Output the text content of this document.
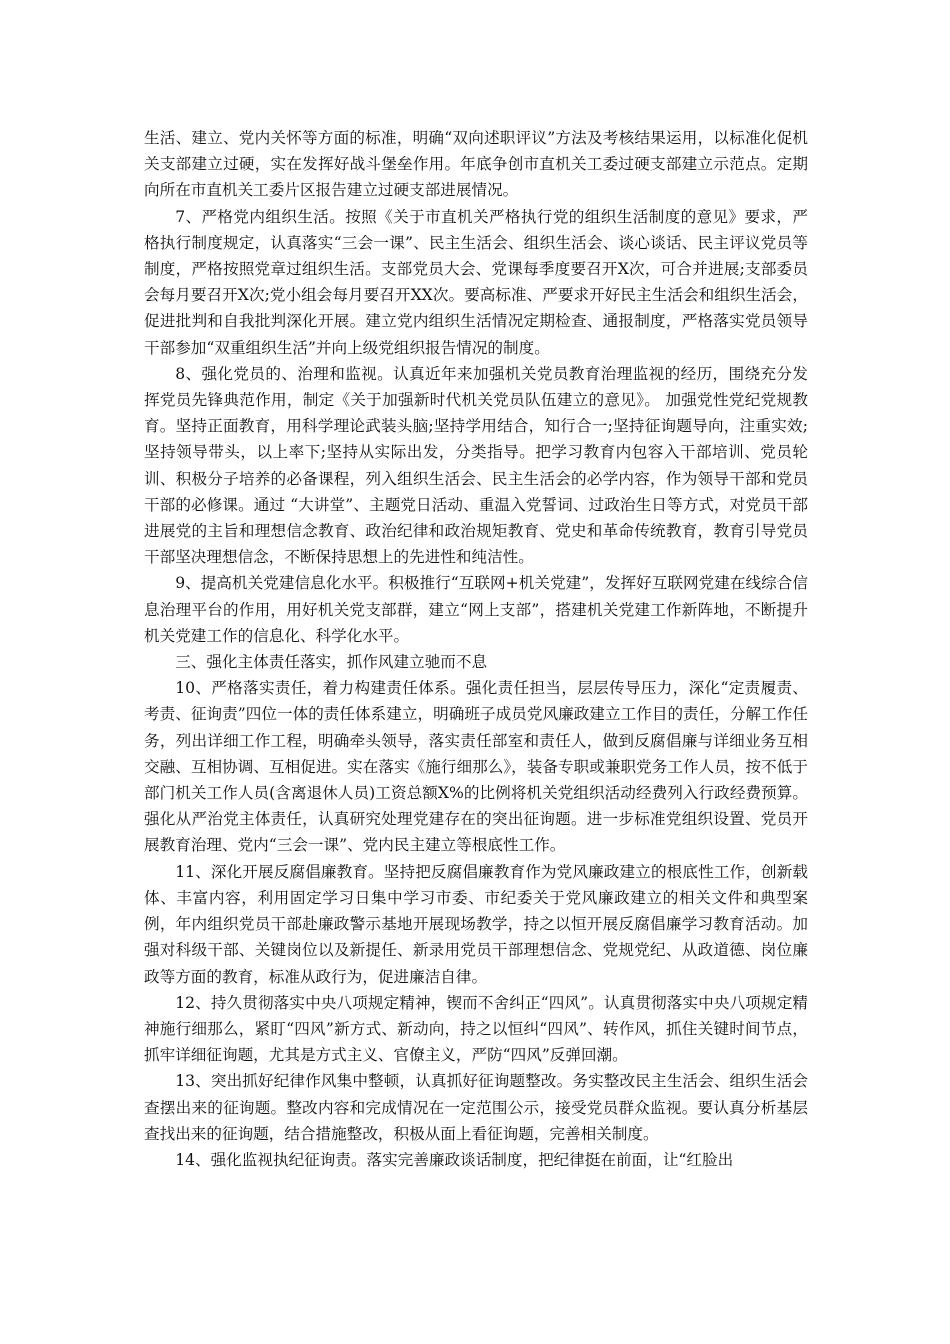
生活、建立、党内关怀等方面的标准，明确“双向述职评议”方法及考核结果运用，以标准化促机关支部建立过硬，实在发挥好战斗堡垒作用。年底争创市直机关工委过硬支部建立示范点。定期向所在市直机关工委片区报告建立过硬支部进展情况。

7、严格党内组织生活。按照《关于市直机关严格执行党的组织生活制度的意见》要求，严格执行制度规定，认真落实“三会一课”、民主生活会、组织生活会、谈心谈话、民主评议党员等制度，严格按照党章过组织生活。支部党员大会、党课每季度要召开X次，可合并进展;支部委员会每月要召开X次;党小组会每月要召开XX次。要高标准、严要求开好民主生活会和组织生活会，促进批判和自我批判深化开展。建立党内组织生活情况定期检查、通报制度，严格落实党员领导干部参加“双重组织生活”并向上级党组织报告情况的制度。

8、强化党员的、治理和监视。认真近年来加强机关党员教育治理监视的经历，围绕充分发挥党员先锋典范作用，制定《关于加强新时代机关党员队伍建立的意见》。 加强党性党纪党规教育。坚持正面教育，用科学理论武装头脑;坚持学用结合，知行合一;坚持征询题导向，注重实效;坚持领导带头，以上率下;坚持从实际出发，分类指导。把学习教育内包容入干部培训、党员轮训、积极分子培养的必备课程，列入组织生活会、民主生活会的必学内容，作为领导干部和党员干部的必修课。通过 “大讲堂”、主题党日活动、重温入党誓词、过政治生日等方式，对党员干部进展党的主旨和理想信念教育、政治纪律和政治规矩教育、党史和革命传统教育，教育引导党员干部坚决理想信念，不断保持思想上的先进性和纯洁性。

9、提高机关党建信息化水平。积极推行“互联网+机关党建”，发挥好互联网党建在线综合信息治理平台的作用，用好机关党支部群，建立“网上支部”，搭建机关党建工作新阵地，不断提升机关党建工作的信息化、科学化水平。

三、强化主体责任落实，抓作风建立驰而不息

10、严格落实责任，着力构建责任体系。强化责任担当，层层传导压力，深化“定责履责、考责、征询责”四位一体的责任体系建立，明确班子成员党风廉政建立工作目的责任，分解工作任务，列出详细工作工程，明确牵头领导，落实责任部室和责任人，做到反腐倡廉与详细业务互相交融、互相协调、互相促进。实在落实《施行细那么》，装备专职或兼职党务工作人员，按不低于部门机关工作人员(含离退休人员)工资总额X%的比例将机关党组织活动经费列入行政经费预算。强化从严治党主体责任，认真研究处理党建存在的突出征询题。进一步标准党组织设置、党员开展教育治理、党内“三会一课”、党内民主建立等根底性工作。

11、深化开展反腐倡廉教育。坚持把反腐倡廉教育作为党风廉政建立的根底性工作，创新载体、丰富内容，利用固定学习日集中学习市委、市纪委关于党风廉政建立的相关文件和典型案例，年内组织党员干部赴廉政警示基地开展现场教学，持之以恒开展反腐倡廉学习教育活动。加强对科级干部、关键岗位以及新提任、新录用党员干部理想信念、党规党纪、从政道德、岗位廉政等方面的教育，标准从政行为，促进廉洁自律。

12、持久贯彻落实中央八项规定精神，锲而不舍纠正“四风”。认真贯彻落实中央八项规定精神施行细那么，紧盯“四风”新方式、新动向，持之以恒纠“四风”、转作风，抓住关键时间节点，抓牢详细征询题，尤其是方式主义、官僚主义，严防“四风”反弹回潮。

13、突出抓好纪律作风集中整顿，认真抓好征询题整改。务实整改民主生活会、组织生活会查摆出来的征询题。整改内容和完成情况在一定范围公示，接受党员群众监视。要认真分析基层查找出来的征询题，结合措施整改，积极从面上看征询题，完善相关制度。

14、强化监视执纪征询责。落实完善廉政谈话制度，把纪律挺在前面，让“红脸出
